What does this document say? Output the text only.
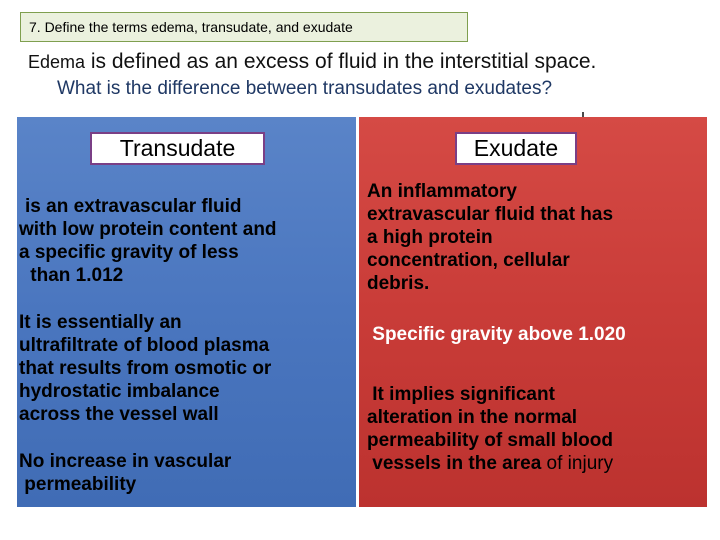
7. Define the terms edema, transudate, and exudate
Edema is defined as an excess of fluid in the interstitial space.
What is the difference between transudates and exudates?
Transudate
is an extravascular fluid
with low protein content and
a specific gravity of less
than 1.012
It is essentially an
ultrafiltrate of blood plasma
that results from osmotic or
hydrostatic imbalance
across the vessel wall
No increase in vascular
permeability
Exudate
An inflammatory
extravascular fluid that has
a high protein
concentration, cellular
debris.
Specific gravity above 1.020
It implies significant
alteration in the normal
permeability of small blood
vessels in the area of injury
